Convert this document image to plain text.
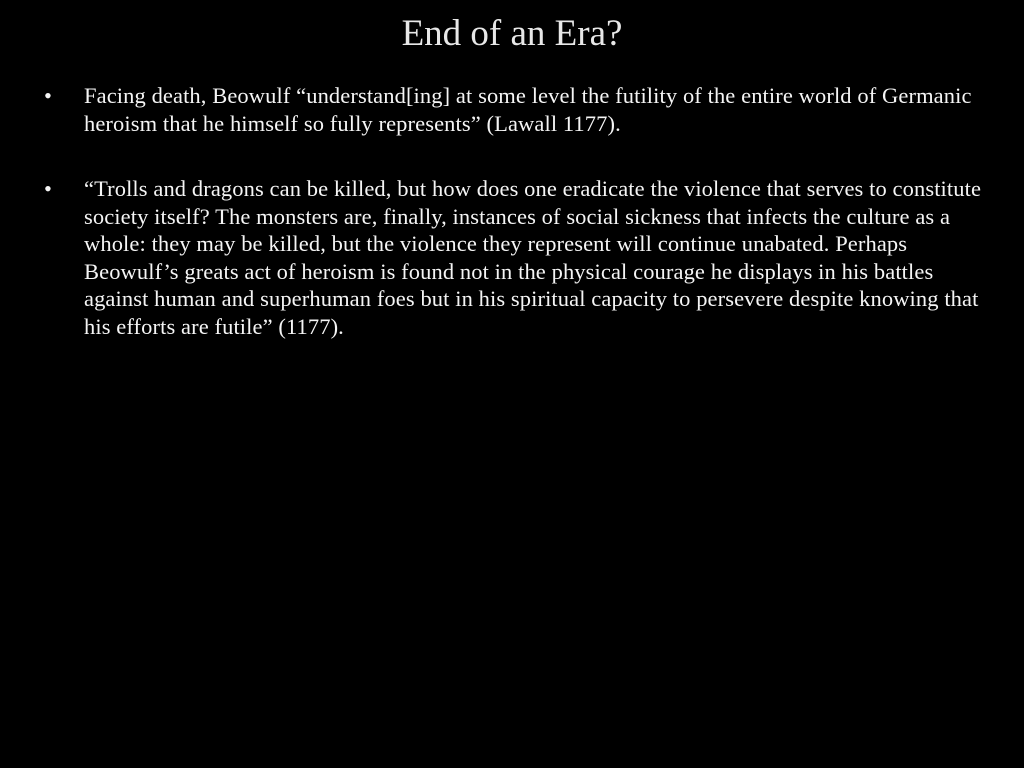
End of an Era?
• Facing death, Beowulf “understand[ing] at some level the futility of the entire world of Germanic heroism that he himself so fully represents” (Lawall 1177).
• “Trolls and dragons can be killed, but how does one eradicate the violence that serves to constitute society itself? The monsters are, finally, instances of social sickness that infects the culture as a whole: they may be killed, but the violence they represent will continue unabated. Perhaps Beowulf’s greats act of heroism is found not in the physical courage he displays in his battles against human and superhuman foes but in his spiritual capacity to persevere despite knowing that his efforts are futile” (1177).
